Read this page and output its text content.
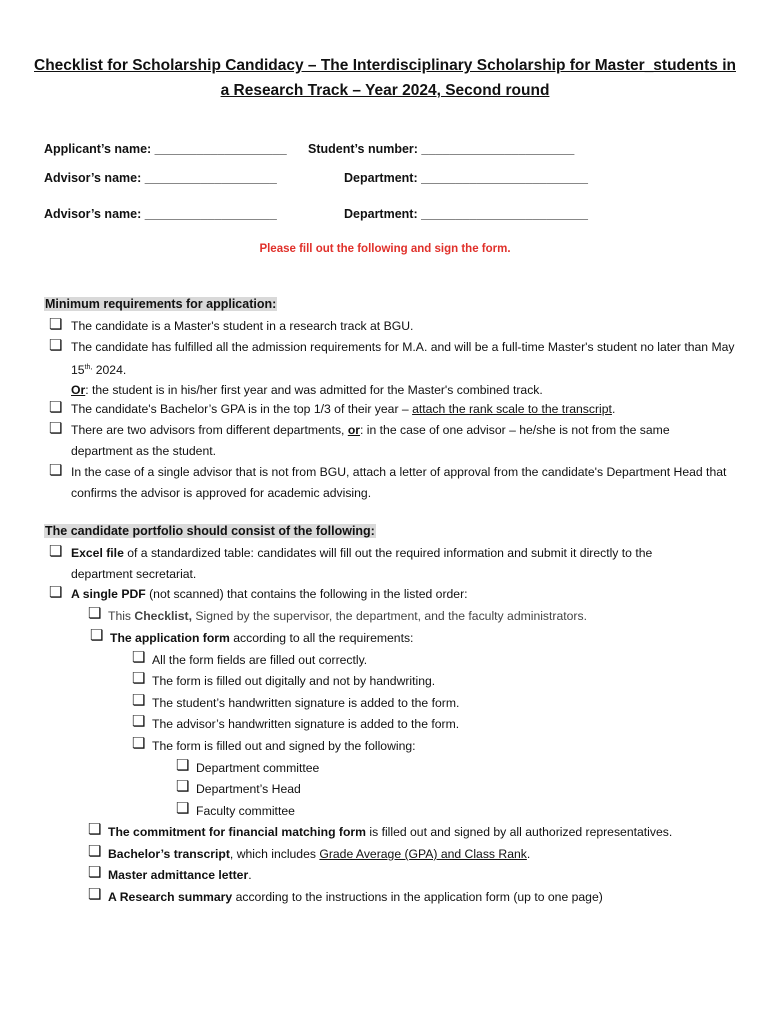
Checklist for Scholarship Candidacy – The Interdisciplinary Scholarship for Master_students in
a Research Track – Year 2024, Second round
Applicant’s name: ___________________ Student’s number: ______________________
Advisor’s name: ___________________	Department: ________________________
Advisor’s name: ___________________	Department: ________________________
Please fill out the following and sign the form.
Minimum requirements for application:
❏ The candidate is a Master's student in a research track at BGU.
❏ The candidate has fulfilled all the admission requirements for M.A. and will be a full-time Master's student no later than May $15^{th,}$ 2024.
Or: the student is in his/her first year and was admitted for the Master's combined track.
❏ The candidate's Bachelor’s GPA is in the top 1/3 of their year – attach the rank scale to the transcript.
❏ There are two advisors from different departments, or: in the case of one advisor – he/she is not from the same department as the student.
❏ In the case of a single advisor that is not from BGU, attach a letter of approval from the candidate's Department Head that confirms the advisor is approved for academic advising.
The candidate portfolio should consist of the following:
❏ Excel file of a standardized table: candidates will fill out the required information and submit it directly to the department secretariat.
❏ A single PDF (not scanned) that contains the following in the listed order:
❏ This Checklist, Signed by the supervisor, the department, and the faculty administrators.
❏ The application form according to all the requirements:
❏ All the form fields are filled out correctly.
❏ The form is filled out digitally and not by handwriting.
❏ The student’s handwritten signature is added to the form.
❏ The advisor’s handwritten signature is added to the form.
❏ The form is filled out and signed by the following:
❏ Department committee
❏ Department’s Head
❏ Faculty committee
❏ The commitment for financial matching form is filled out and signed by all authorized representatives.
❏ Bachelor’s transcript, which includes Grade Average (GPA) and Class Rank.
❏ Master admittance letter.
❏ A Research summary according to the instructions in the application form (up to one page)
